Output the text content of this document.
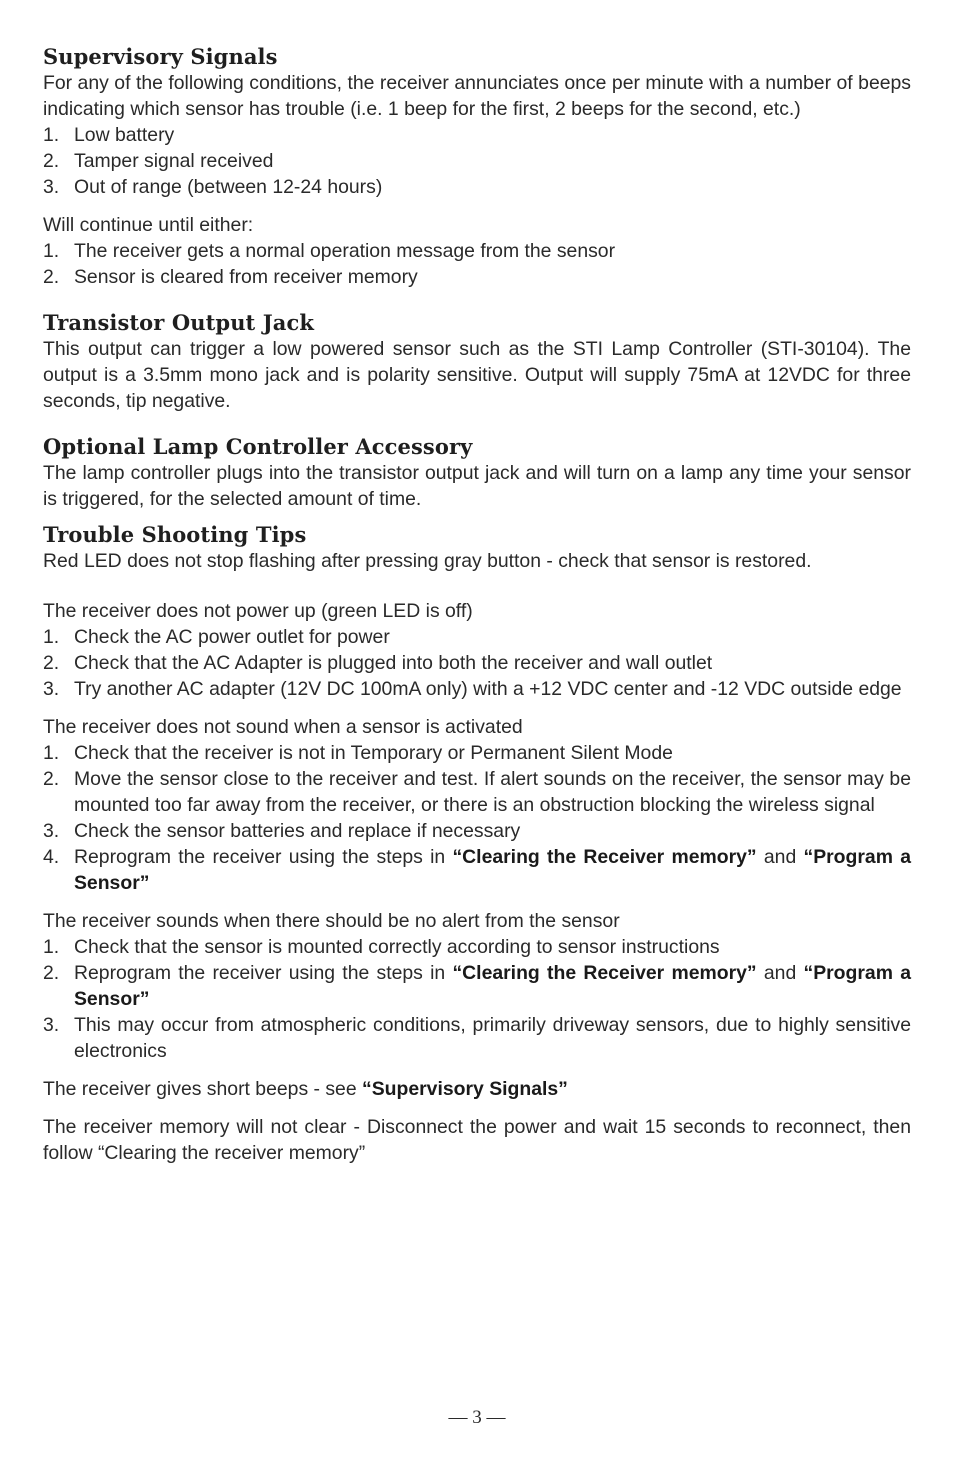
Supervisory Signals

For any of the following conditions, the receiver annunciates once per minute with a number of beeps indicating which sensor has trouble (i.e. 1 beep for the first, 2 beeps for the second, etc.)

1. Low battery
2. Tamper signal received
3. Out of range (between 12-24 hours)

Will continue until either:

1. The receiver gets a normal operation message from the sensor
2. Sensor is cleared from receiver memory
Transistor Output Jack

This output can trigger a low powered sensor such as the STI Lamp Controller (STI-30104). The output is a 3.5mm mono jack and is polarity sensitive. Output will supply 75mA at 12VDC for three seconds, tip negative.

Optional Lamp Controller Accessory

The lamp controller plugs into the transistor output jack and will turn on a lamp any time your sensor is triggered, for the selected amount of time.

Trouble Shooting Tips

Red LED does not stop flashing after pressing gray button - check that sensor is restored.

The receiver does not power up (green LED is off)

1. Check the AC power outlet for power
2. Check that the AC Adapter is plugged into both the receiver and wall outlet
3. Try another AC adapter (12V DC 100mA only) with a +12 VDC center and -12 VDC outside edge

The receiver does not sound when a sensor is activated

1. Check that the receiver is not in Temporary or Permanent Silent Mode
2. Move the sensor close to the receiver and test. If alert sounds on the receiver, the sensor may be mounted too far away from the receiver, or there is an obstruction blocking the wireless signal
3. Check the sensor batteries and replace if necessary
4. Reprogram the receiver using the steps in “Clearing the Receiver memory” and “Program a Sensor”

The receiver sounds when there should be no alert from the sensor

1. Check that the sensor is mounted correctly according to sensor instructions
2. Reprogram the receiver using the steps in “Clearing the Receiver memory” and “Program a Sensor”
3. This may occur from atmospheric conditions, primarily driveway sensors, due to highly sensitive electronics

The receiver gives short beeps - see “Supervisory Signals”

The receiver memory will not clear - Disconnect the power and wait 15 seconds to reconnect, then follow “Clearing the receiver memory”

— 3 —
